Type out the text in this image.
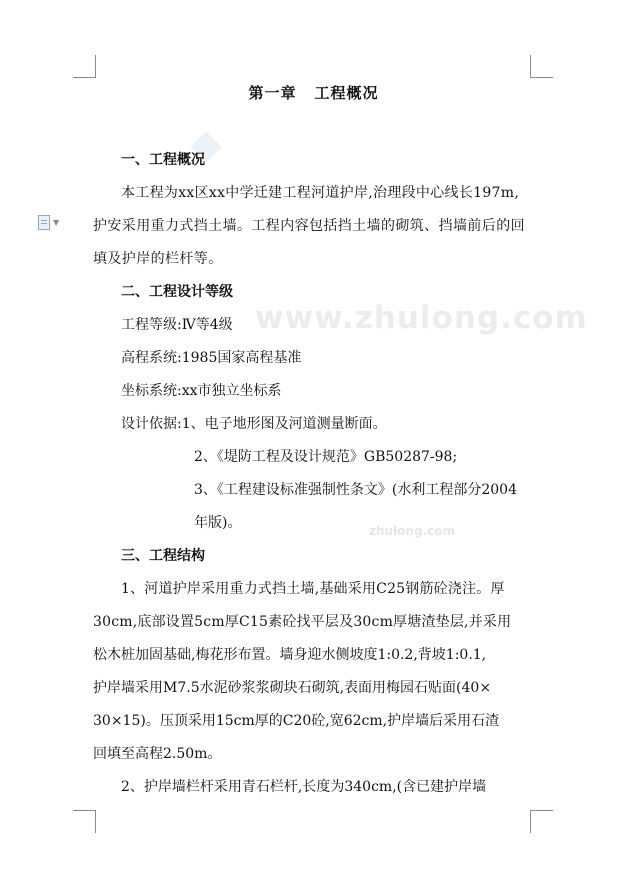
▼
www.zhulong.com
zhulong.com
第一章 工程概况
一、工程概况
本工程为xx区xx中学迁建工程河道护岸,治理段中心线长197m,
护安采用重力式挡土墙。工程内容包括挡土墙的砌筑、挡墙前后的回
填及护岸的栏杆等。
二、工程设计等级
工程等级:Ⅳ等4级
高程系统:1985国家高程基准
坐标系统:xx市独立坐标系
设计依据:1、电子地形图及河道测量断面。
2、《堤防工程及设计规范》GB50287-98;
3、《工程建设标准强制性条文》(水利工程部分2004
年版)。
三、工程结构
1、河道护岸采用重力式挡土墙,基础采用C25钢筋砼浇注。厚
30cm,底部设置5cm厚C15素砼找平层及30cm厚塘渣垫层,并采用
松木桩加固基础,梅花形布置。墙身迎水侧坡度1:0.2,背坡1:0.1,
护岸墙采用M7.5水泥砂浆浆砌块石砌筑,表面用梅园石贴面(40×
30×15)。压顶采用15cm厚的C20砼,宽62cm,护岸墙后采用石渣
回填至高程2.50m。
2、护岸墙栏杆采用青石栏杆,长度为340cm,(含已建护岸墙
